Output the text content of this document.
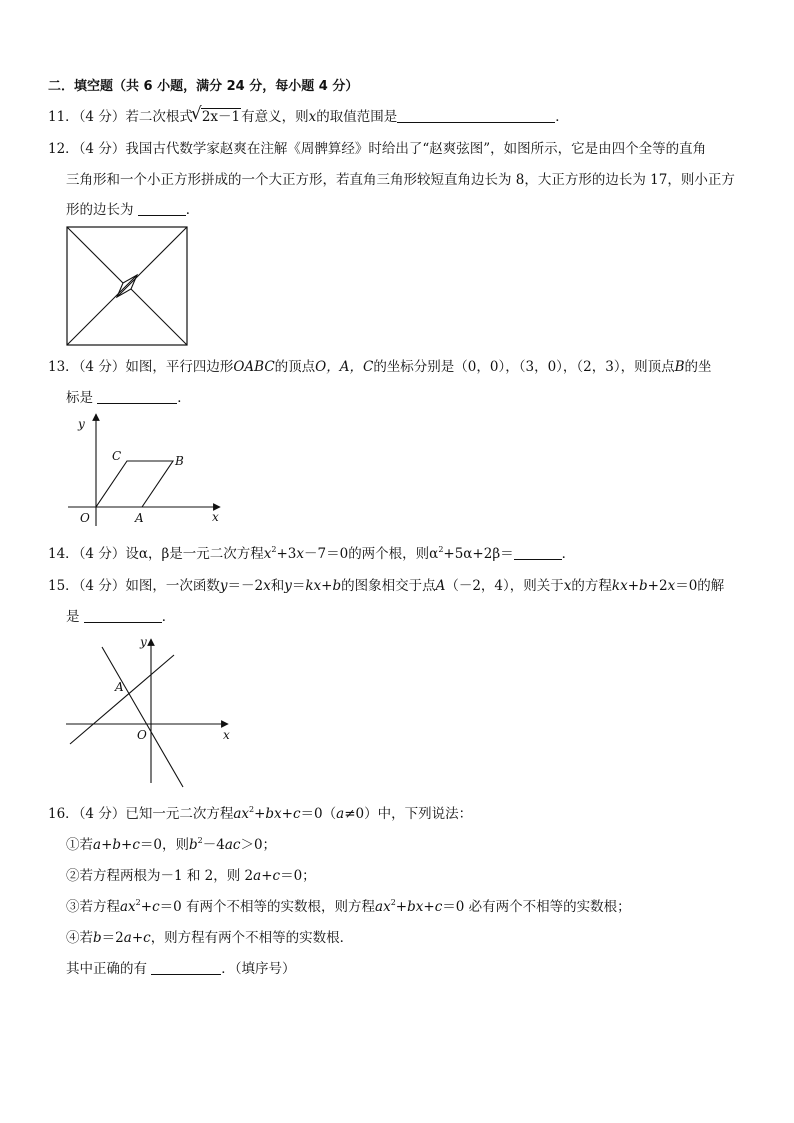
二．填空题（共 6 小题，满分 24 分，每小题 4 分）
11．（4 分）若二次根式√ 2x－1有意义，则x的取值范围是	．
12．（4 分）我国古代数学家赵爽在注解《周髀算经》时给出了“赵爽弦图”，如图所示，它是由四个全等的直角
三角形和一个小正方形拼成的一个大正方形，若直角三角形较短直角边长为 8，大正方形的边长为 17，则小正方
形的边长为	．
13．（4 分）如图，平行四边形OABC的顶点O，A，C的坐标分别是（0，0），（3，0），（2，3），则顶点B的坐
标是	．
y
x
O	A
B
C
14．（4 分）设α，β是一元二次方程$x^2+3x-7=0$的两个根，则$\alpha^2+5\alpha+2\beta=$	．
15．（4 分）如图，一次函数y＝－2x和y＝kx+b的图象相交于点A（－2，4），则关于x的方程kx+b+2x＝0的解
是	．
y
x
O
A
16．（4 分）已知一元二次方程$ax^2+bx+c=0(a\ne 0)$中，下列说法：
①若a+b+c＝0，则$b^2-4ac>0$；
②若方程两根为－1 和 2，则 2a+c＝0；
③若方程$ax^2+c=0$ 有两个不相等的实数根，则方程$ax^2+bx+c=0$ 必有两个不相等的实数根；
④若b＝2a+c，则方程有两个不相等的实数根．
其中正确的有	．（填序号）
